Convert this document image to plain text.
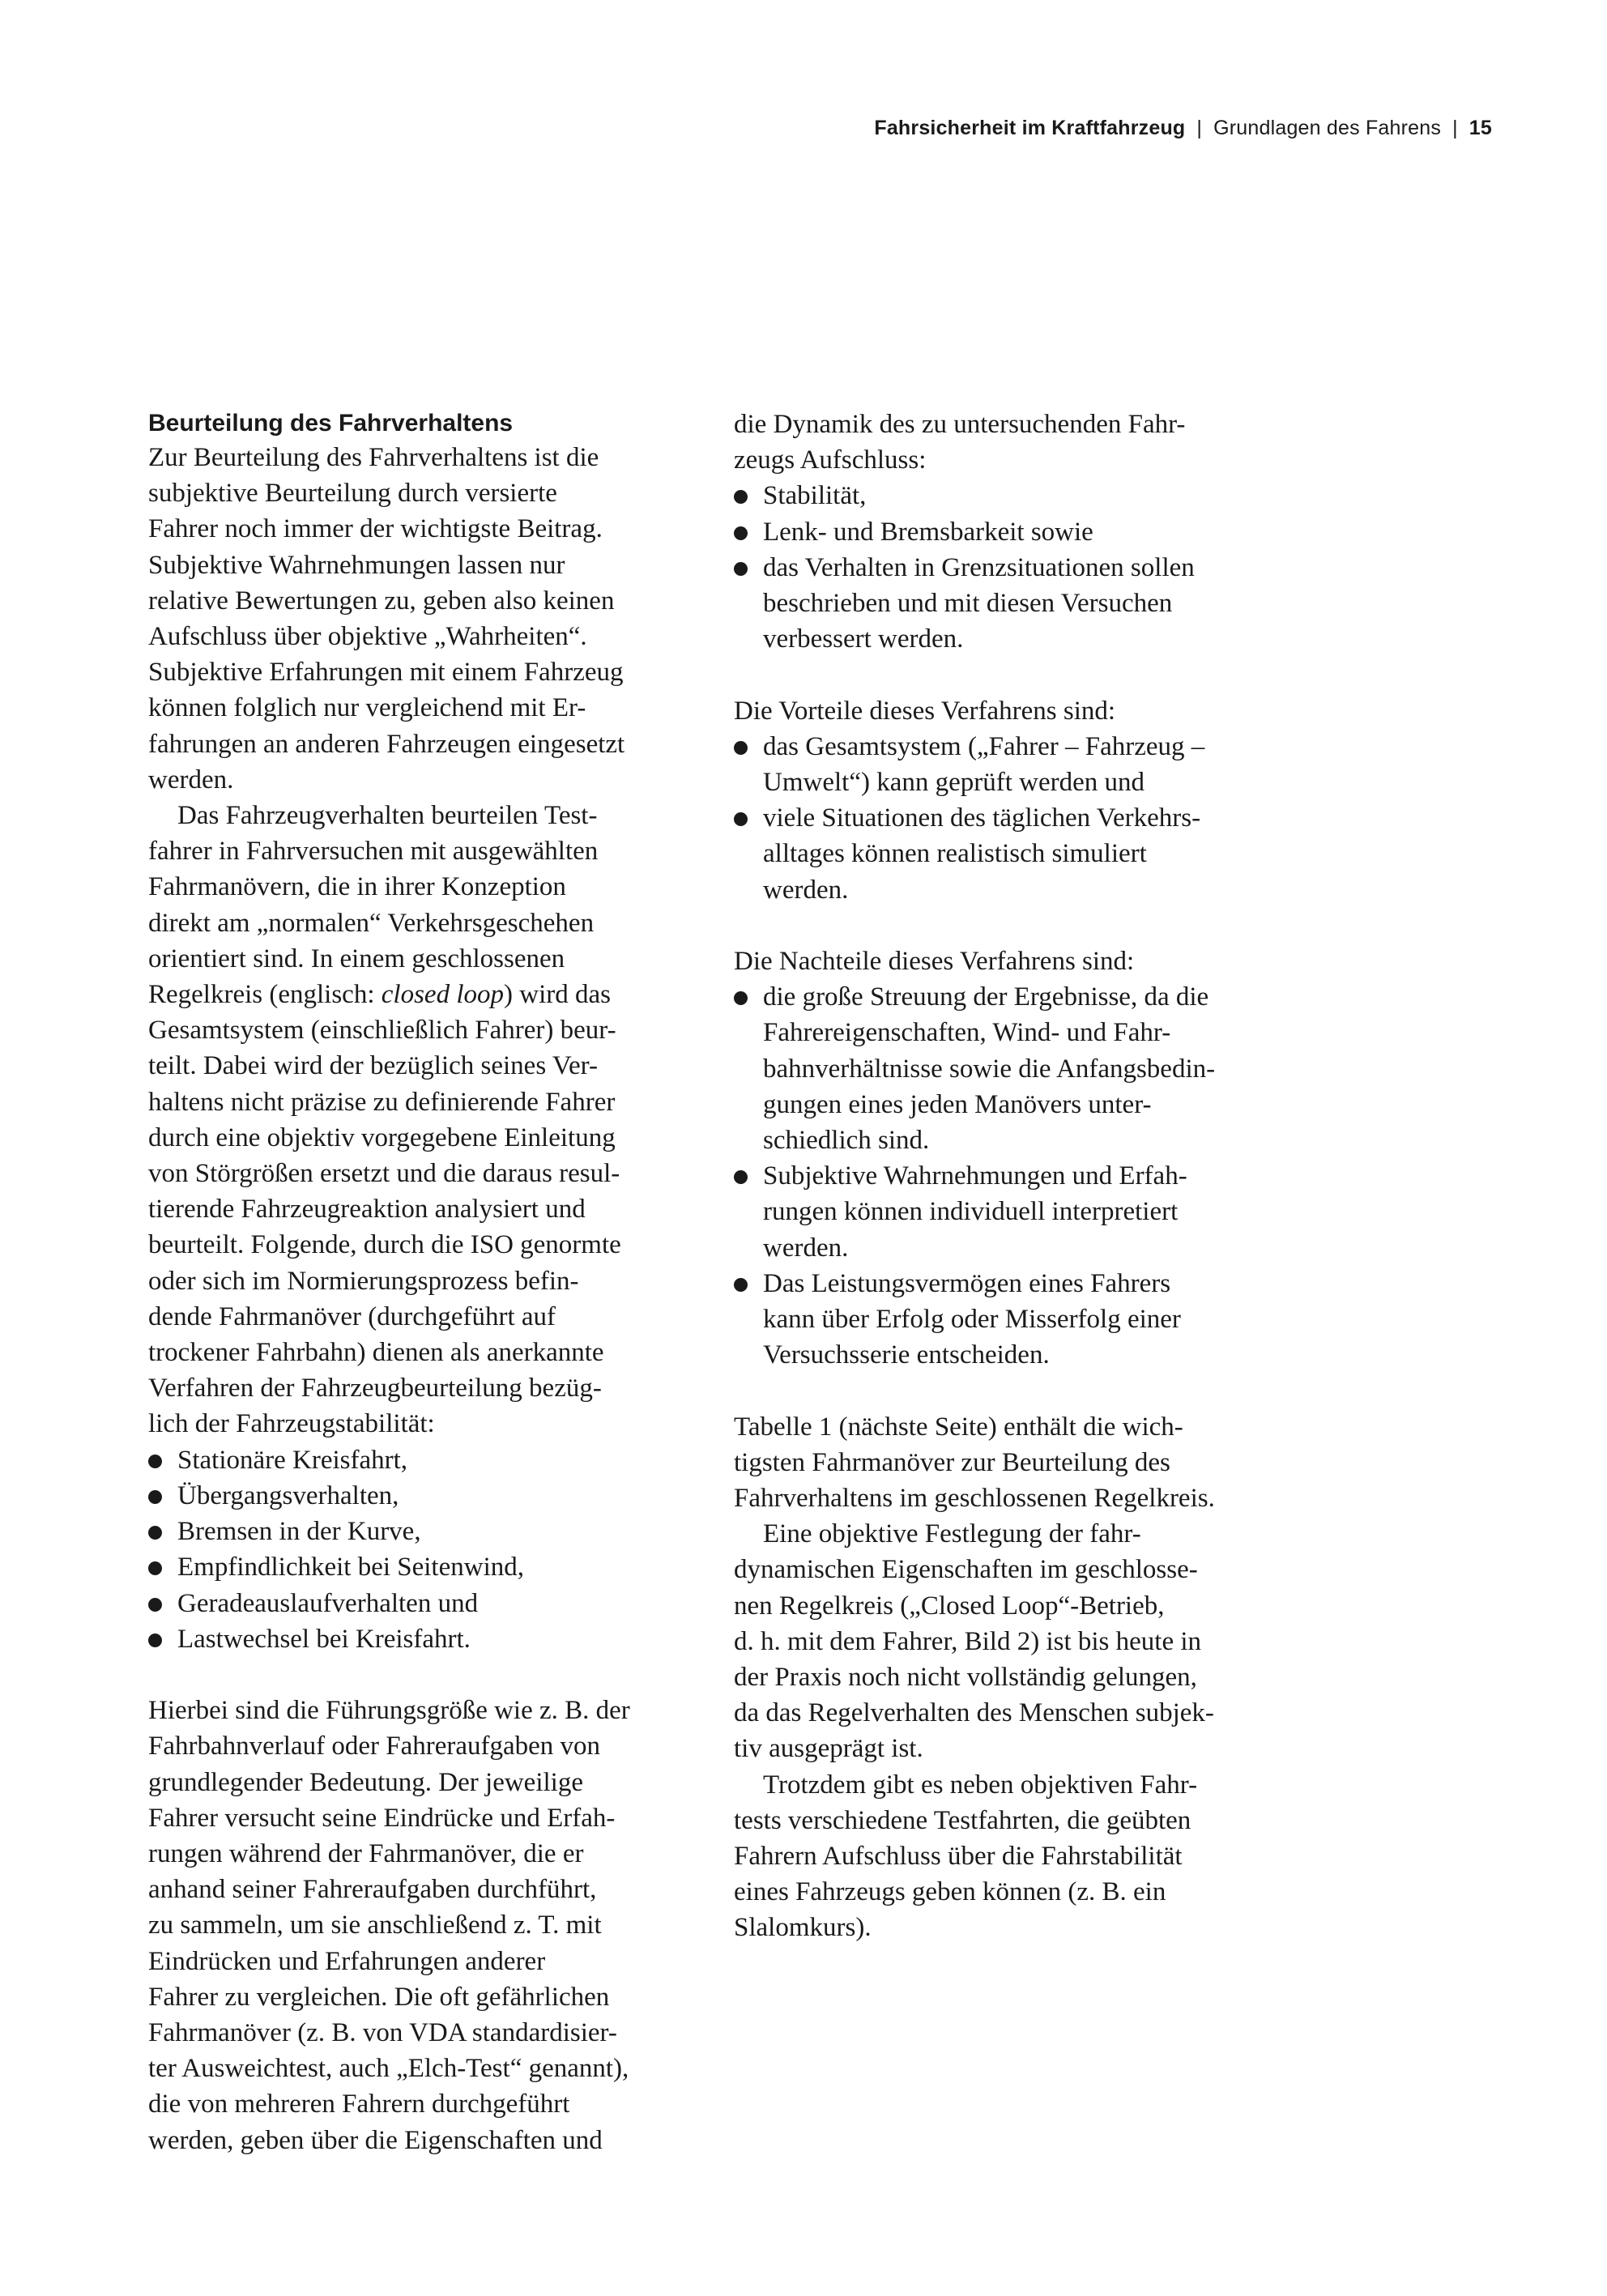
Fahrsicherheit im Kraftfahrzeug | Grundlagen des Fahrens | 15
Beurteilung des Fahrverhaltens
Zur Beurteilung des Fahrverhaltens ist die
subjektive Beurteilung durch versierte
Fahrer noch immer der wichtigste Beitrag.
Subjektive Wahrnehmungen lassen nur
relative Bewertungen zu, geben also keinen
Aufschluss über objektive „Wahrheiten“.
Subjektive Erfahrungen mit einem Fahrzeug
können folglich nur vergleichend mit Er-
fahrungen an anderen Fahrzeugen eingesetzt
werden.
Das Fahrzeugverhalten beurteilen Test-
fahrer in Fahrversuchen mit ausgewählten
Fahrmanövern, die in ihrer Konzeption
direkt am „normalen“ Verkehrsgeschehen
orientiert sind. In einem geschlossenen
Regelkreis (englisch: closed loop) wird das
Gesamtsystem (einschließlich Fahrer) beur-
teilt. Dabei wird der bezüglich seines Ver-
haltens nicht präzise zu definierende Fahrer
durch eine objektiv vorgegebene Einleitung
von Störgrößen ersetzt und die daraus resul-
tierende Fahrzeugreaktion analysiert und
beurteilt. Folgende, durch die ISO genormte
oder sich im Normierungsprozess befin-
dende Fahrmanöver (durchgeführt auf
trockener Fahrbahn) dienen als anerkannte
Verfahren der Fahrzeugbeurteilung bezüg-
lich der Fahrzeugstabilität:
Stationäre Kreisfahrt,
Übergangsverhalten,
Bremsen in der Kurve,
Empfindlichkeit bei Seitenwind,
Geradeauslaufverhalten und
Lastwechsel bei Kreisfahrt.
Hierbei sind die Führungsgröße wie z. B. der
Fahrbahnverlauf oder Fahreraufgaben von
grundlegender Bedeutung. Der jeweilige
Fahrer versucht seine Eindrücke und Erfah-
rungen während der Fahrmanöver, die er
anhand seiner Fahreraufgaben durchführt,
zu sammeln, um sie anschließend z. T. mit
Eindrücken und Erfahrungen anderer
Fahrer zu vergleichen. Die oft gefährlichen
Fahrmanöver (z. B. von VDA standardisier-
ter Ausweichtest, auch „Elch-Test“ genannt),
die von mehreren Fahrern durchgeführt
werden, geben über die Eigenschaften und
die Dynamik des zu untersuchenden Fahr-
zeugs Aufschluss:
Stabilität,
Lenk- und Bremsbarkeit sowie
das Verhalten in Grenzsituationen sollen
beschrieben und mit diesen Versuchen
verbessert werden.
Die Vorteile dieses Verfahrens sind:
das Gesamtsystem („Fahrer – Fahrzeug –
Umwelt“) kann geprüft werden und
viele Situationen des täglichen Verkehrs-
alltages können realistisch simuliert
werden.
Die Nachteile dieses Verfahrens sind:
die große Streuung der Ergebnisse, da die
Fahrereigenschaften, Wind- und Fahr-
bahnverhältnisse sowie die Anfangsbedin-
gungen eines jeden Manövers unter-
schiedlich sind.
Subjektive Wahrnehmungen und Erfah-
rungen können individuell interpretiert
werden.
Das Leistungsvermögen eines Fahrers
kann über Erfolg oder Misserfolg einer
Versuchsserie entscheiden.
Tabelle 1 (nächste Seite) enthält die wich-
tigsten Fahrmanöver zur Beurteilung des
Fahrverhaltens im geschlossenen Regelkreis.
Eine objektive Festlegung der fahr-
dynamischen Eigenschaften im geschlosse-
nen Regelkreis („Closed Loop“-Betrieb,
d. h. mit dem Fahrer, Bild 2) ist bis heute in
der Praxis noch nicht vollständig gelungen,
da das Regelverhalten des Menschen subjek-
tiv ausgeprägt ist.
Trotzdem gibt es neben objektiven Fahr-
tests verschiedene Testfahrten, die geübten
Fahrern Aufschluss über die Fahrstabilität
eines Fahrzeugs geben können (z. B. ein
Slalomkurs).
